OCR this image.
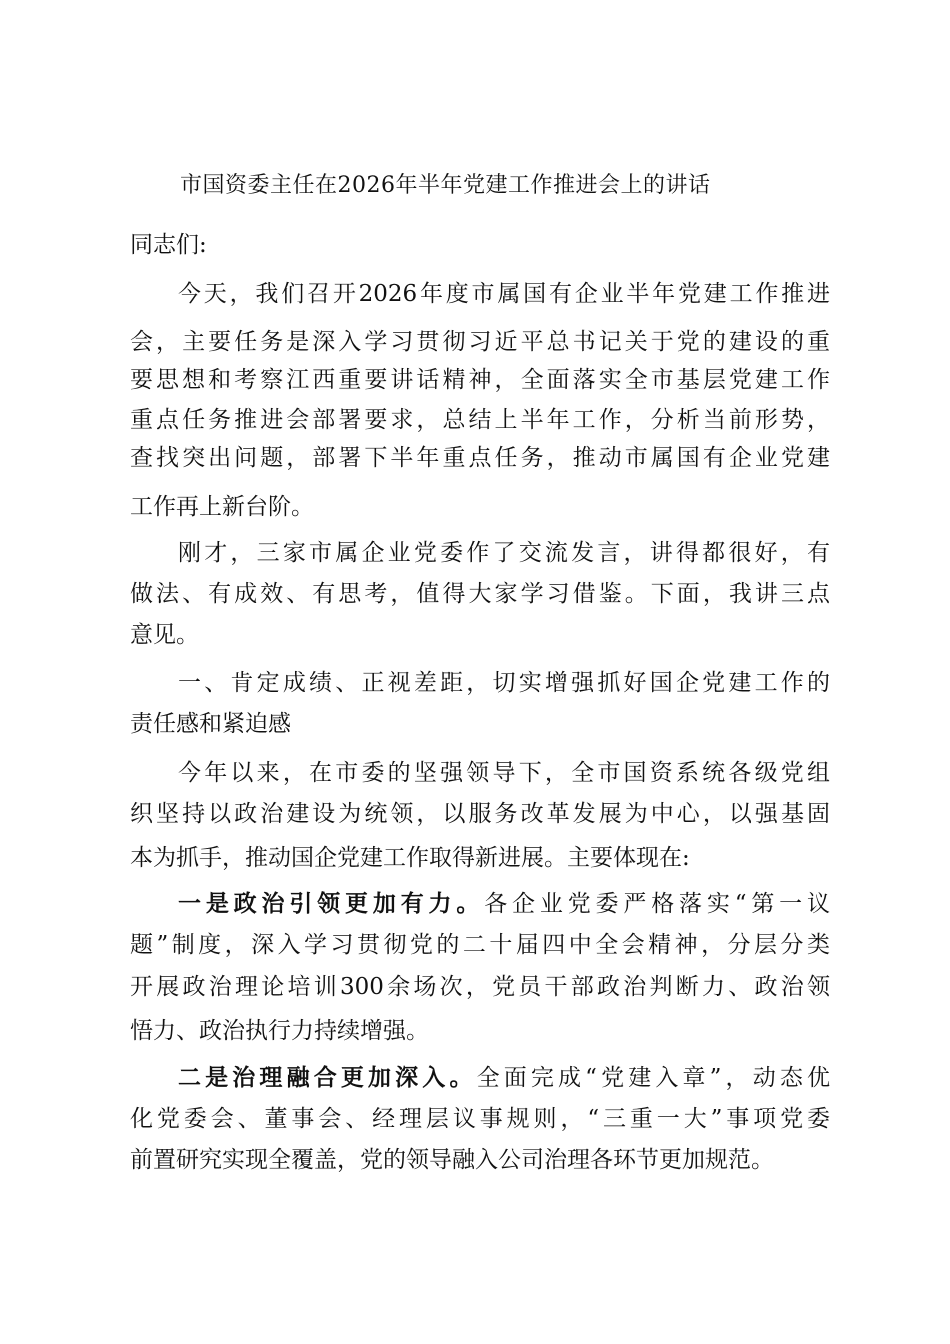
市国资委主任在2026年半年党建工作推进会上的讲话
同志们:
今天，我们召开2026年度市属国有企业半年党建工作推进
会，主要任务是深入学习贯彻习近平总书记关于党的建设的重
要思想和考察江西重要讲话精神，全面落实全市基层党建工作
重点任务推进会部署要求，总结上半年工作，分析当前形势，
查找突出问题，部署下半年重点任务，推动市属国有企业党建
工作再上新台阶。
刚才，三家市属企业党委作了交流发言，讲得都很好，有
做法、有成效、有思考，值得大家学习借鉴。下面，我讲三点
意见。
一、肯定成绩、正视差距，切实增强抓好国企党建工作的
责任感和紧迫感
今年以来，在市委的坚强领导下，全市国资系统各级党组
织坚持以政治建设为统领，以服务改革发展为中心，以强基固
本为抓手，推动国企党建工作取得新进展。主要体现在:
一是政治引领更加有力。各企业党委严格落实“第一议
题”制度，深入学习贯彻党的二十届四中全会精神，分层分类
开展政治理论培训300余场次，党员干部政治判断力、政治领
悟力、政治执行力持续增强。
二是治理融合更加深入。全面完成“党建入章”，动态优
化党委会、董事会、经理层议事规则，“三重一大”事项党委
前置研究实现全覆盖，党的领导融入公司治理各环节更加规范。
